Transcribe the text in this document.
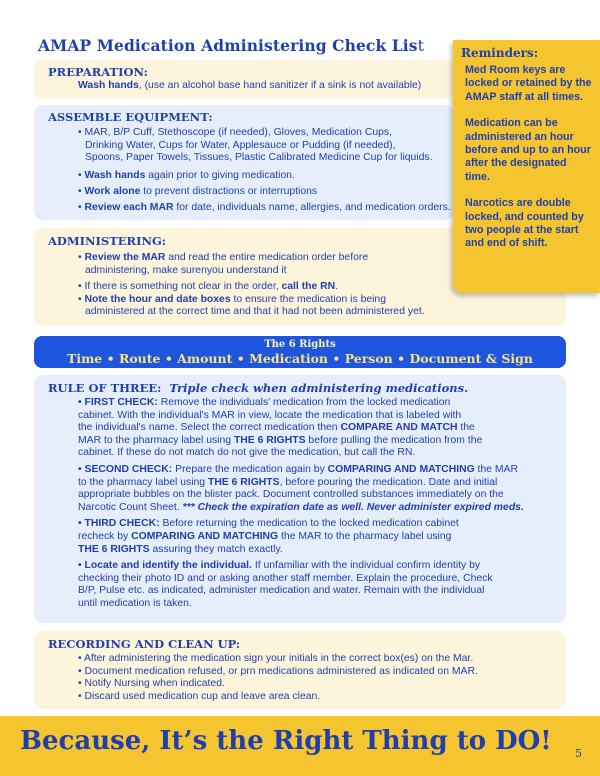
AMAP Medication Administering Check List
PREPARATION:
Wash hands, (use an alcohol base hand sanitizer if a sink is not available)
ASSEMBLE EQUIPMENT:
• MAR, B/P Cuff, Stethoscope (if needed), Gloves, Medication Cups,
Drinking Water, Cups for Water, Applesauce or Pudding (if needed),
Spoons, Paper Towels, Tissues, Plastic Calibrated Medicine Cup for liquids.
• Wash hands again prior to giving medication.
• Work alone to prevent distractions or interruptions
• Review each MAR for date, individuals name, allergies, and medication orders.
ADMINISTERING:
• Review the MAR and read the entire medication order before
administering, make surenyou understand it
• If there is something not clear in the order, call the RN.
• Note the hour and date boxes to ensure the medication is being
administered at the correct time and that it had not been administered yet.
Reminders:

Med Room keys are locked or retained by the AMAP staff at all times.

Medication can be administered an hour before and up to an hour after the designated time.

Narcotics are double locked, and counted by two people at the start and end of shift.

The 6 Rights
Time • Route • Amount • Medication • Person • Document & Sign
RULE OF THREE: Triple check when administering medications.
• FIRST CHECK: Remove the individuals' medication from the locked medication
cabinet. With the individual's MAR in view, locate the medication that is labeled with
the individual's name. Select the correct medication then COMPARE AND MATCH the
MAR to the pharmacy label using THE 6 RIGHTS before pulling the medication from the
cabinet. If these do not match do not give the medication, but call the RN.
• SECOND CHECK: Prepare the medication again by COMPARING AND MATCHING the MAR
to the pharmacy label using THE 6 RIGHTS, before pouring the medication. Date and initial
appropriate bubbles on the blister pack. Document controlled substances immediately on the
Narcotic Count Sheet. *** Check the expiration date as well. Never administer expired meds.
• THIRD CHECK: Before returning the medication to the locked medication cabinet
recheck by COMPARING AND MATCHING the MAR to the pharmacy label using
THE 6 RIGHTS assuring they match exactly.
• Locate and identify the individual. If unfamiliar with the individual confirm identity by
checking their photo ID and or asking another staff member. Explain the procedure, Check
B/P, Pulse etc. as indicated, administer medication and water. Remain with the individual
until medication is taken.
RECORDING AND CLEAN UP:
• After administering the medication sign your initials in the correct box(es) on the Mar.
• Document medication refused, or prn medications administered as indicated on MAR.
• Notify Nursing when indicated.
• Discard used medication cup and leave area clean.
Because, It’s the Right Thing to DO! 5
